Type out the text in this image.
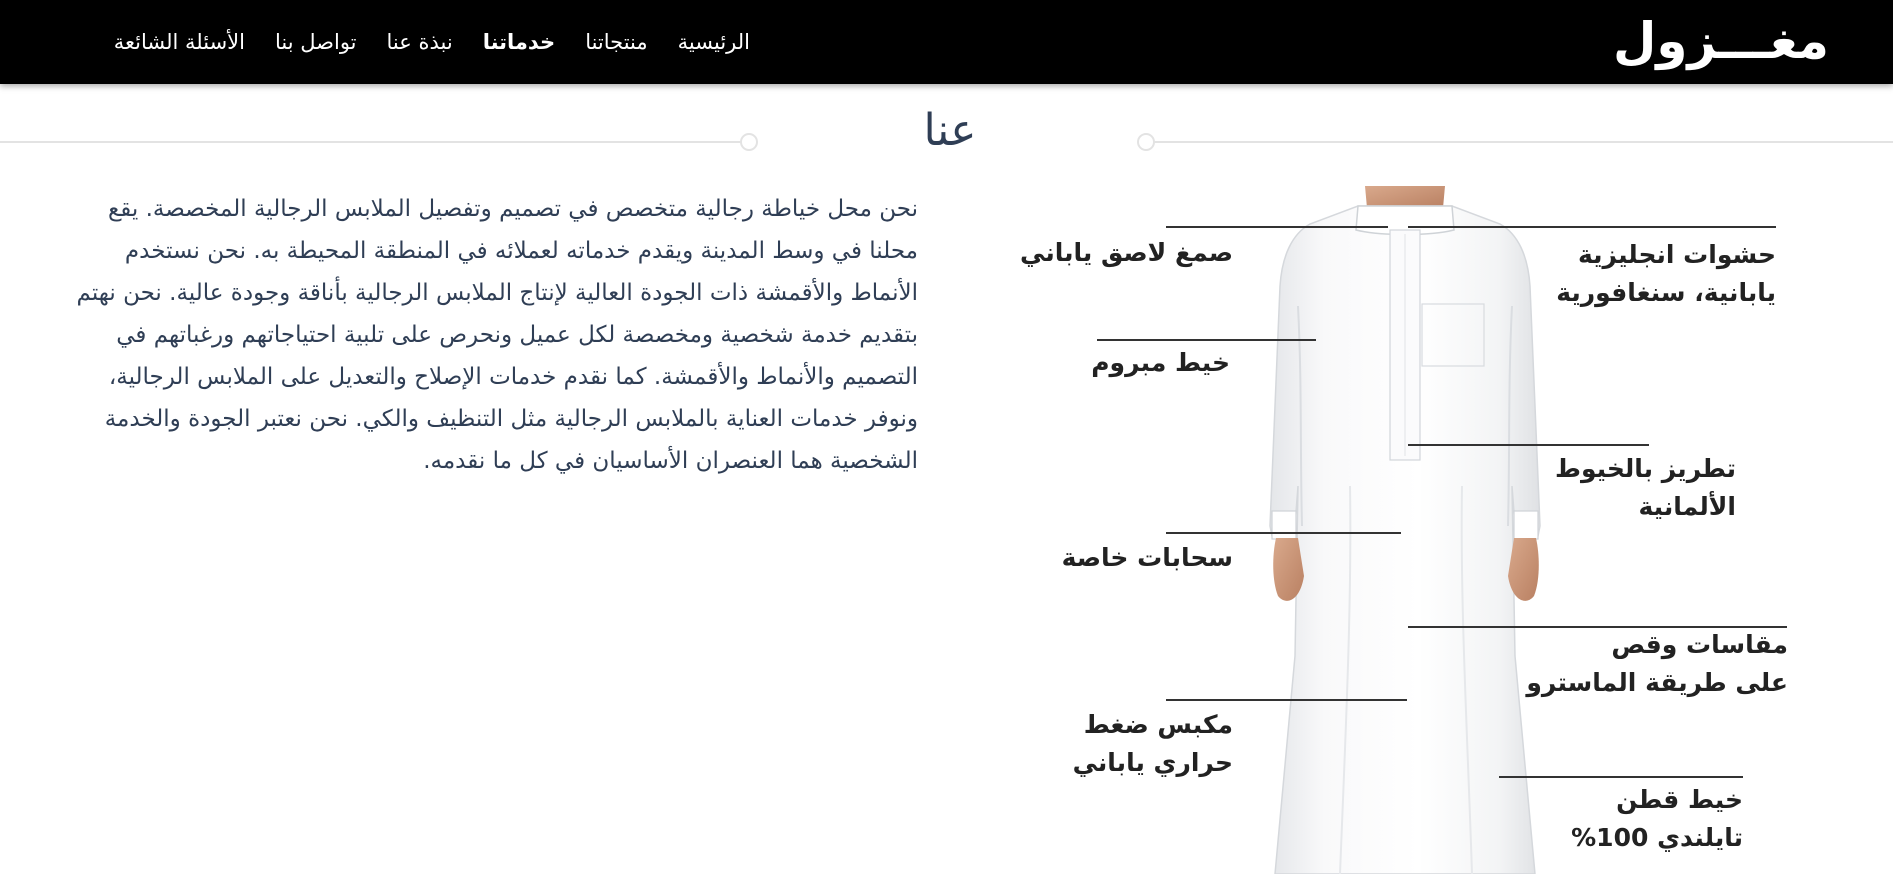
مغـــزول
الرئيسية
منتجاتنا
خدماتنا
نبذة عنا
تواصل بنا
الأسئلة الشائعة
عنا

نحن محل خياطة رجالية متخصص في تصميم وتفصيل الملابس الرجالية المخصصة. يقع محلنا في وسط المدينة ويقدم خدماته لعملائه في المنطقة المحيطة به. نحن نستخدم الأنماط والأقمشة ذات الجودة العالية لإنتاج الملابس الرجالية بأناقة وجودة عالية. نحن نهتم بتقديم خدمة شخصية ومخصصة لكل عميل ونحرص على تلبية احتياجاتهم ورغباتهم في التصميم والأنماط والأقمشة. كما نقدم خدمات الإصلاح والتعديل على الملابس الرجالية، ونوفر خدمات العناية بالملابس الرجالية مثل التنظيف والكي. نحن نعتبر الجودة والخدمة الشخصية هما العنصران الأساسيان في كل ما نقدمه.

حشوات انجليزية
يابانية، سنغافورية
تطريز بالخيوط
الألمانية
مقاسات وقص
على طريقة الماسترو
خيط قطن
تايلندي 100%
صمغ لاصق ياباني
خيط مبروم
سحابات خاصة
مكبس ضغط
حراري ياباني
